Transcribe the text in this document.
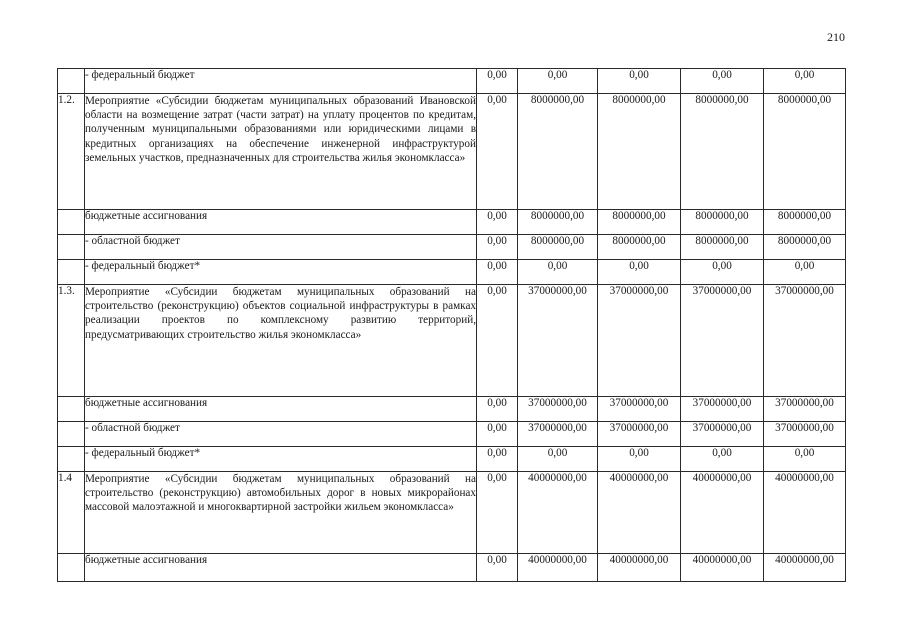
210
	- федеральный бюджет	0,00	0,00	0,00	0,00	0,00
1.2.	Мероприятие «Субсидии бюджетам муниципальных образований Ивановской области на возмещение затрат (части затрат) на уплату процентов по кредитам, полученным муниципальными образованиями или юридическими лицами в кредитных организациях на обеспечение инженерной инфраструктурой земельных участков, предназначенных для строительства жилья экономкласса»	0,00	8000000,00	8000000,00	8000000,00	8000000,00
	бюджетные ассигнования	0,00	8000000,00	8000000,00	8000000,00	8000000,00
	- областной бюджет	0,00	8000000,00	8000000,00	8000000,00	8000000,00
	- федеральный бюджет*	0,00	0,00	0,00	0,00	0,00
1.3.	Мероприятие «Субсидии бюджетам муниципальных образований на строительство (реконструкцию) объектов социальной инфраструктуры в рамках реализации проектов по комплексному развитию территорий, предусматривающих строительство жилья экономкласса»	0,00	37000000,00	37000000,00	37000000,00	37000000,00
	бюджетные ассигнования	0,00	37000000,00	37000000,00	37000000,00	37000000,00
	- областной бюджет	0,00	37000000,00	37000000,00	37000000,00	37000000,00
	- федеральный бюджет*	0,00	0,00	0,00	0,00	0,00
1.4	Мероприятие «Субсидии бюджетам муниципальных образований на строительство (реконструкцию) автомобильных дорог в новых микрорайонах массовой малоэтажной и многоквартирной застройки жильем экономкласса»	0,00	40000000,00	40000000,00	40000000,00	40000000,00
	бюджетные ассигнования	0,00	40000000,00	40000000,00	40000000,00	40000000,00
